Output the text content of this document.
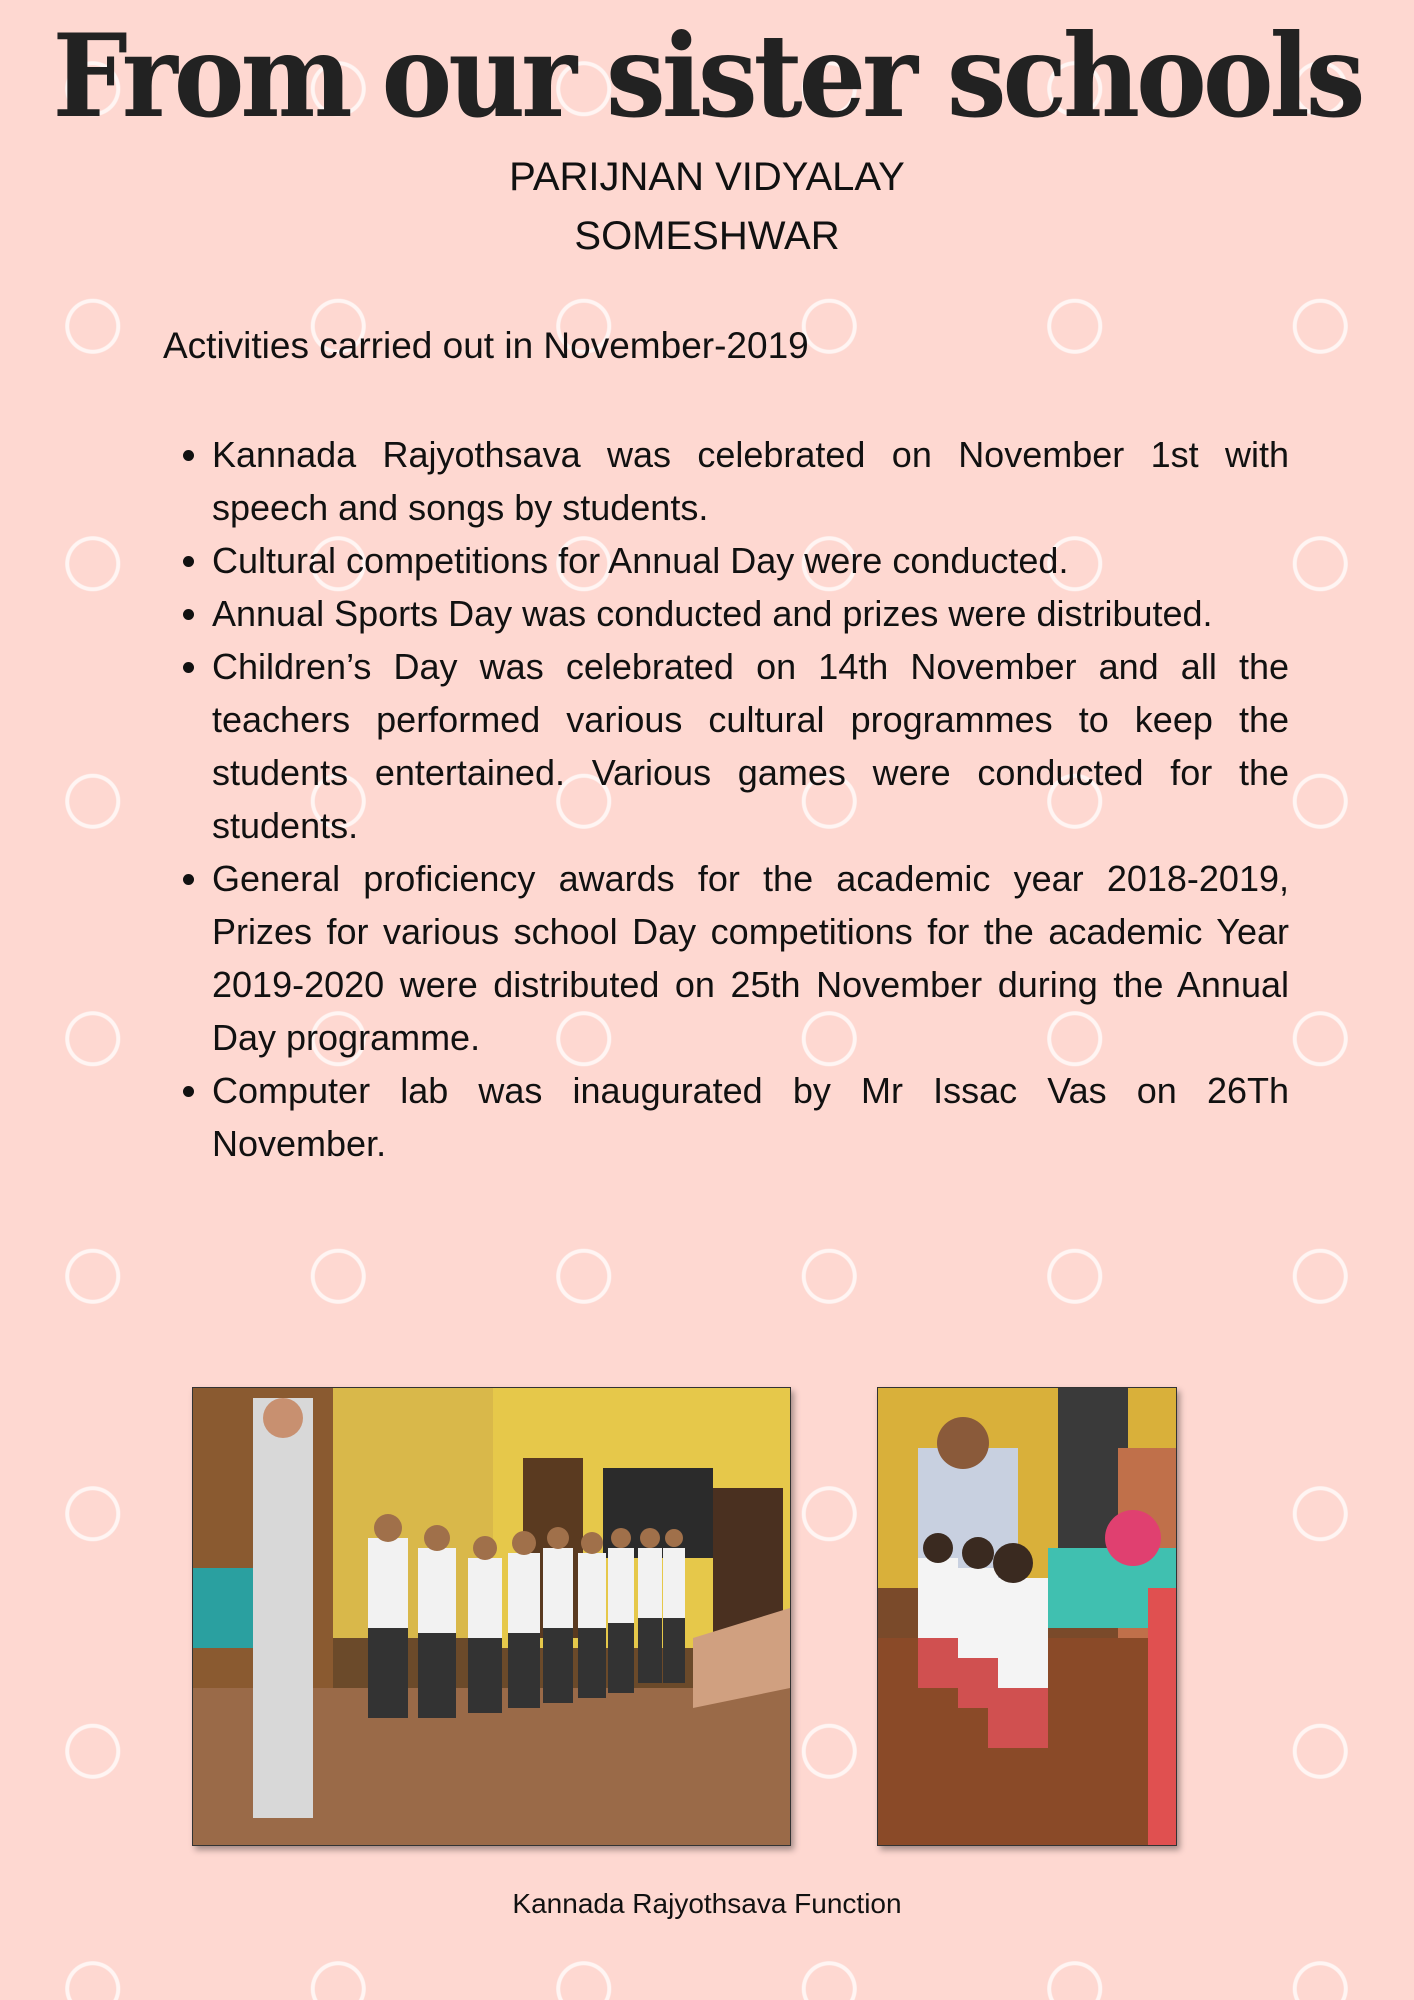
From our sister schools
PARIJNAN VIDYALAY
SOMESHWAR
Activities carried out in November-2019
• Kannada Rajyothsava was celebrated on November 1st with speech and songs by students.
• Cultural competitions for Annual Day were conducted.
• Annual Sports Day was conducted and prizes were distributed.
• Children’s Day was celebrated on 14th November and all the teachers performed various cultural programmes to keep the students entertained. Various games were conducted for the students.
• General proficiency awards for the academic year 2018-2019, Prizes for various school Day competitions for the academic Year 2019-2020 were distributed on 25th November during the Annual Day programme.
• Computer lab was inaugurated by Mr Issac Vas on 26Th November.
Kannada Rajyothsava Function
